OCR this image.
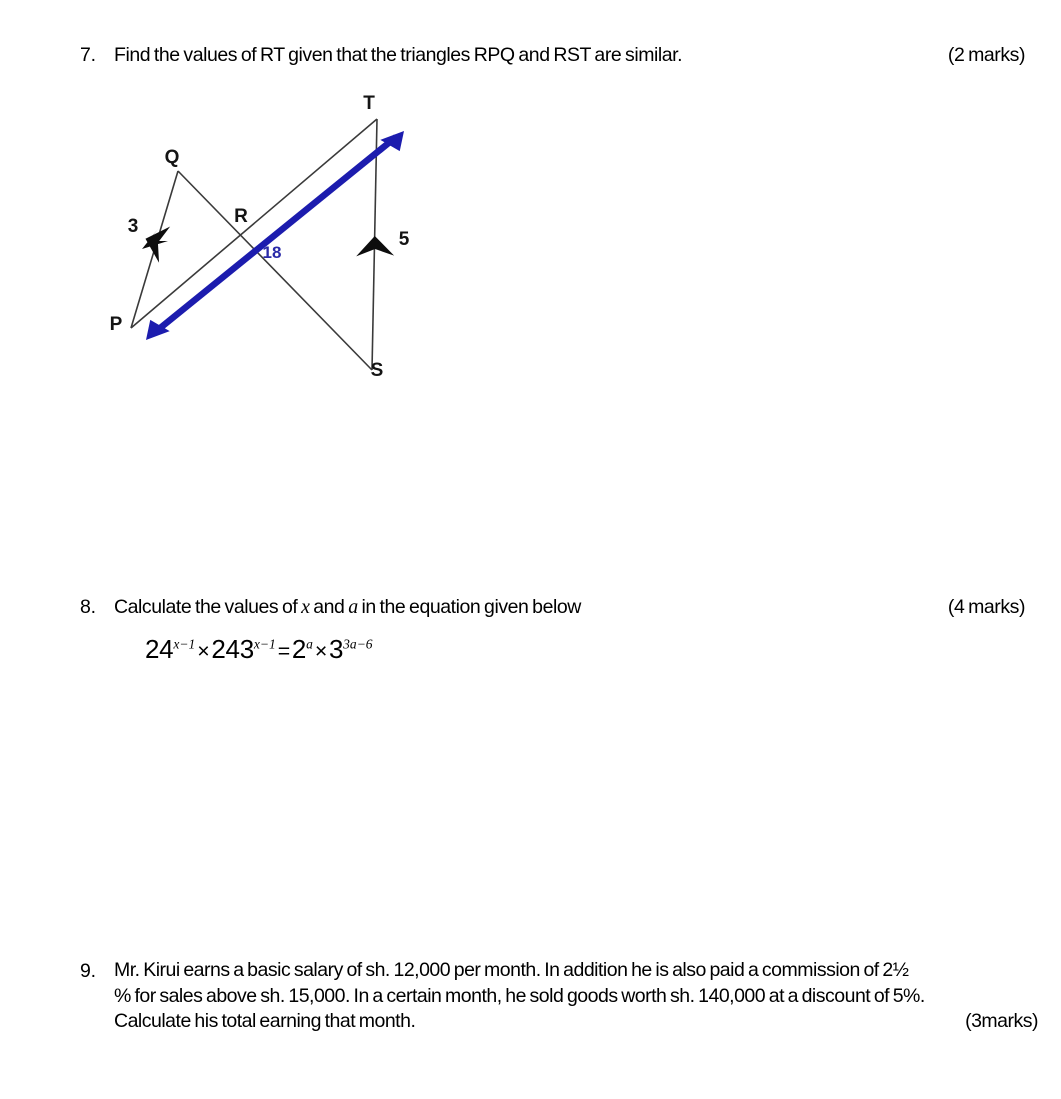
7. Find the values of RT given that the triangles RPQ and RST are similar.	(2 marks)
T
Q
R
P
S
3
5
18
8. Calculate the values of x and a in the equation given below	(4 marks)
$24^{x-1}\times 243^{x-1}=2^a\times 3^{3a-6}$
9. Mr. Kirui earns a basic salary of sh. 12,000 per month. In addition he is also paid a commission of 2½
% for sales above sh. 15,000. In a certain month, he sold goods worth sh. 140,000 at a discount of 5%.
Calculate his total earning that month.	(3marks)
